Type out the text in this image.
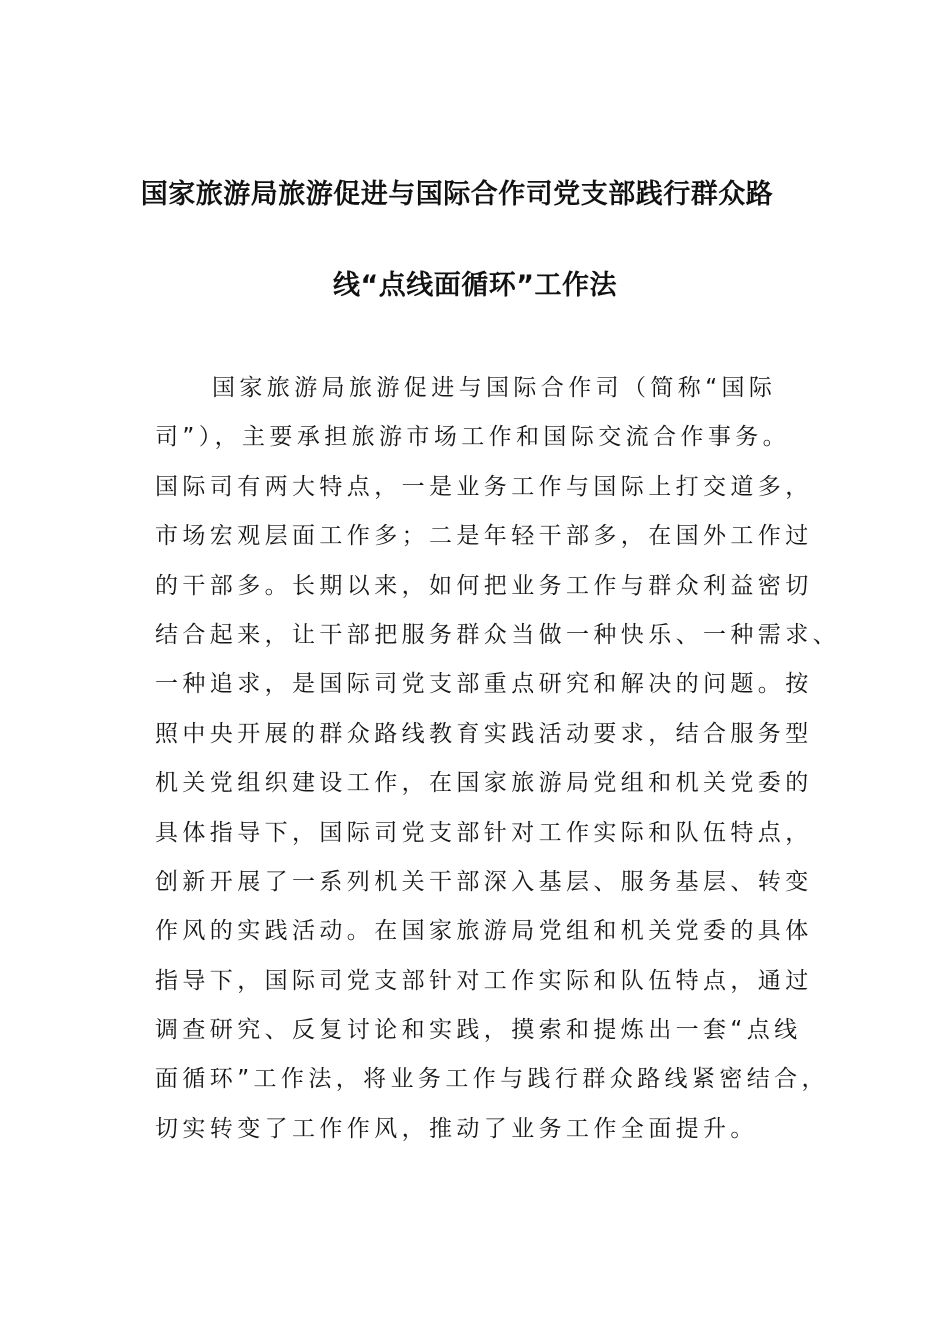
国家旅游局旅游促进与国际合作司党支部践行群众路
线“点线面循环”工作法
国家旅游局旅游促进与国际合作司（简称“国际
司”），主要承担旅游市场工作和国际交流合作事务。
国际司有两大特点，一是业务工作与国际上打交道多，
市场宏观层面工作多；二是年轻干部多，在国外工作过
的干部多。长期以来，如何把业务工作与群众利益密切
结合起来，让干部把服务群众当做一种快乐、一种需求、
一种追求，是国际司党支部重点研究和解决的问题。按
照中央开展的群众路线教育实践活动要求，结合服务型
机关党组织建设工作，在国家旅游局党组和机关党委的
具体指导下，国际司党支部针对工作实际和队伍特点，
创新开展了一系列机关干部深入基层、服务基层、转变
作风的实践活动。在国家旅游局党组和机关党委的具体
指导下，国际司党支部针对工作实际和队伍特点，通过
调查研究、反复讨论和实践，摸索和提炼出一套“点线
面循环”工作法，将业务工作与践行群众路线紧密结合，
切实转变了工作作风，推动了业务工作全面提升。
